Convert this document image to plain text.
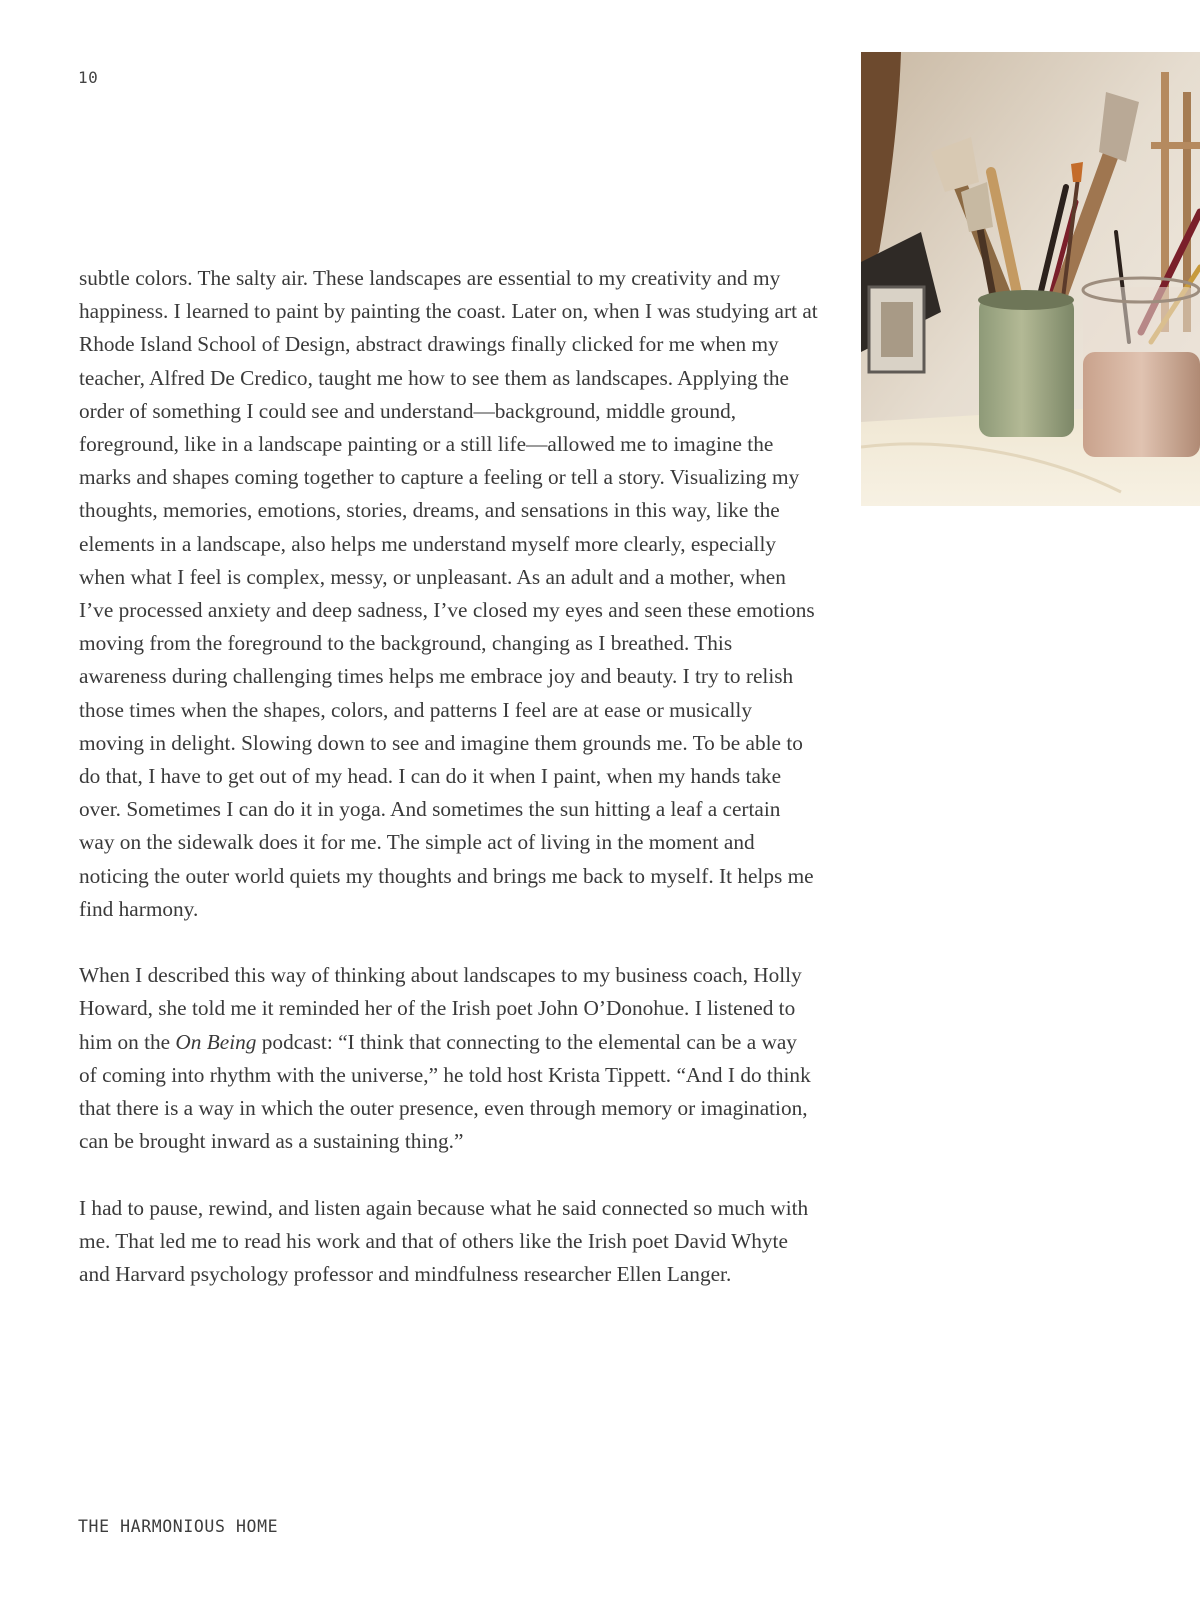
10

subtle colors. The salty air. These landscapes are essential to my creativity and my happiness. I learned to paint by painting the coast. Later on, when I was studying art at Rhode Island School of Design, abstract drawings finally clicked for me when my teacher, Alfred De Credico, taught me how to see them as landscapes. Applying the order of something I could see and understand—background, middle ground, foreground, like in a landscape painting or a still life—allowed me to imagine the marks and shapes coming together to capture a feeling or tell a story. Visualizing my thoughts, memories, emotions, stories, dreams, and sensations in this way, like the elements in a landscape, also helps me understand myself more clearly, especially when what I feel is complex, messy, or unpleasant. As an adult and a mother, when I’ve processed anxiety and deep sadness, I’ve closed my eyes and seen these emotions moving from the foreground to the background, changing as I breathed. This awareness during challenging times helps me embrace joy and beauty. I try to relish those times when the shapes, colors, and patterns I feel are at ease or musically moving in delight. Slowing down to see and imagine them grounds me. To be able to do that, I have to get out of my head. I can do it when I paint, when my hands take over. Sometimes I can do it in yoga. And sometimes the sun hitting a leaf a certain way on the sidewalk does it for me. The simple act of living in the moment and noticing the outer world quiets my thoughts and brings me back to myself. It helps me find harmony.

When I described this way of thinking about landscapes to my business coach, Holly Howard, she told me it reminded her of the Irish poet John O’Donohue. I listened to him on the On Being podcast: “I think that connecting to the elemental can be a way of coming into rhythm with the universe,” he told host Krista Tippett. “And I do think that there is a way in which the outer presence, even through memory or imagination, can be brought inward as a sustaining thing.”

I had to pause, rewind, and listen again because what he said connected so much with me. That led me to read his work and that of others like the Irish poet David Whyte and Harvard psychology professor and mindfulness researcher Ellen Langer.

THE HARMONIOUS HOME
